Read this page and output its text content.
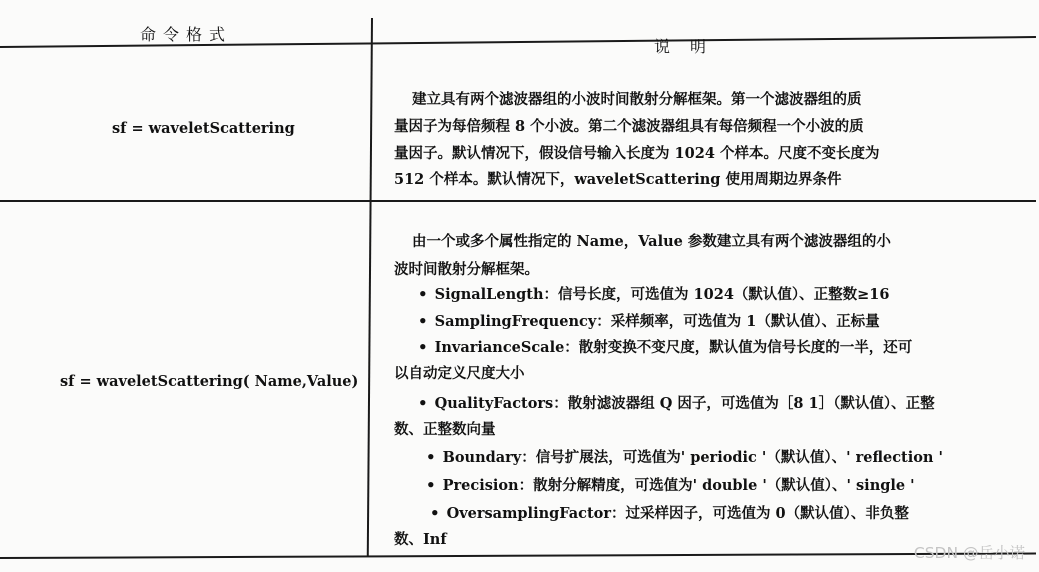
命令格式
说明
sf = waveletScattering
建立具有两个滤波器组的小波时间散射分解框架。第一个滤波器组的质
量因子为每倍频程 8 个小波。第二个滤波器组具有每倍频程一个小波的质
量因子。默认情况下，假设信号输入长度为 1024 个样本。尺度不变长度为
512 个样本。默认情况下，waveletScattering 使用周期边界条件
sf = waveletScattering( Name,Value)
由一个或多个属性指定的 Name，Value 参数建立具有两个滤波器组的小
波时间散射分解框架。
• SignalLength：信号长度，可选值为 1024（默认值）、正整数≥16
• SamplingFrequency：采样频率，可选值为 1（默认值）、正标量
• InvarianceScale：散射变换不变尺度，默认值为信号长度的一半，还可
以自动定义尺度大小
• QualityFactors：散射滤波器组 Q 因子，可选值为［8 1］（默认值）、正整
数、正整数向量
• Boundary：信号扩展法，可选值为' periodic '（默认值）、' reflection '
• Precision：散射分解精度，可选值为' double '（默认值）、' single '
• OversamplingFactor：过采样因子，可选值为 0（默认值）、非负整
数、Inf
CSDN @岳小诺
